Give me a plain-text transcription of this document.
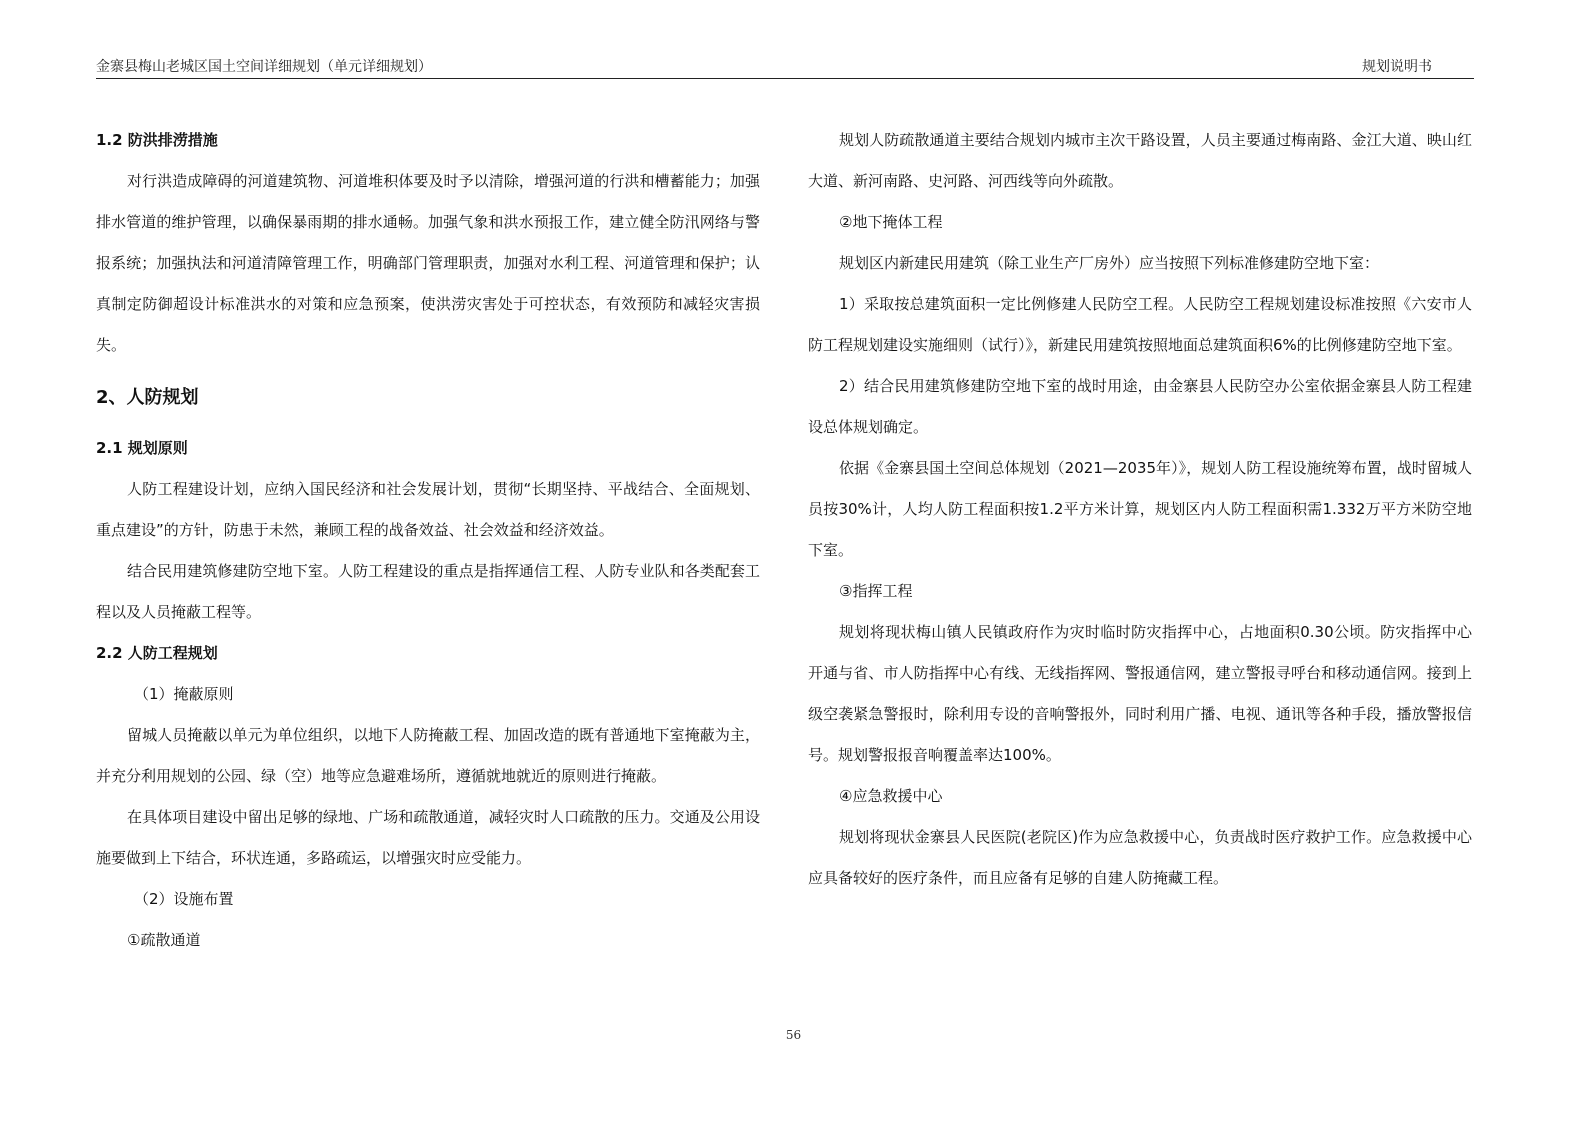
金寨县梅山老城区国土空间详细规划（单元详细规划）	规划说明书
1.2 防洪排涝措施

对行洪造成障碍的河道建筑物、河道堆积体要及时予以清除，增强河道的行洪和槽蓄能力；加强排水管道的维护管理，以确保暴雨期的排水通畅。加强气象和洪水预报工作，建立健全防汛网络与警报系统；加强执法和河道清障管理工作，明确部门管理职责，加强对水利工程、河道管理和保护；认真制定防御超设计标准洪水的对策和应急预案，使洪涝灾害处于可控状态，有效预防和减轻灾害损失。

2、人防规划
2.1 规划原则

人防工程建设计划，应纳入国民经济和社会发展计划，贯彻“长期坚持、平战结合、全面规划、重点建设”的方针，防患于未然，兼顾工程的战备效益、社会效益和经济效益。

结合民用建筑修建防空地下室。人防工程建设的重点是指挥通信工程、人防专业队和各类配套工程以及人员掩蔽工程等。

2.2 人防工程规划

（1）掩蔽原则

留城人员掩蔽以单元为单位组织，以地下人防掩蔽工程、加固改造的既有普通地下室掩蔽为主，并充分利用规划的公园、绿（空）地等应急避难场所，遵循就地就近的原则进行掩蔽。

在具体项目建设中留出足够的绿地、广场和疏散通道，减轻灾时人口疏散的压力。交通及公用设施要做到上下结合，环状连通，多路疏运，以增强灾时应受能力。

（2）设施布置

①疏散通道

规划人防疏散通道主要结合规划内城市主次干路设置，人员主要通过梅南路、金江大道、映山红大道、新河南路、史河路、河西线等向外疏散。

②地下掩体工程

规划区内新建民用建筑（除工业生产厂房外）应当按照下列标准修建防空地下室：

1）采取按总建筑面积一定比例修建人民防空工程。人民防空工程规划建设标准按照《六安市人防工程规划建设实施细则（试行）》，新建民用建筑按照地面总建筑面积6%的比例修建防空地下室。

2）结合民用建筑修建防空地下室的战时用途，由金寨县人民防空办公室依据金寨县人防工程建设总体规划确定。

依据《金寨县国土空间总体规划（2021—2035年）》，规划人防工程设施统筹布置，战时留城人员按30%计，人均人防工程面积按1.2平方米计算，规划区内人防工程面积需1.332万平方米防空地下室。

③指挥工程

规划将现状梅山镇人民镇政府作为灾时临时防灾指挥中心，占地面积0.30公顷。防灾指挥中心开通与省、市人防指挥中心有线、无线指挥网、警报通信网，建立警报寻呼台和移动通信网。接到上级空袭紧急警报时，除利用专设的音响警报外，同时利用广播、电视、通讯等各种手段，播放警报信号。规划警报报音响覆盖率达100%。

④应急救援中心

规划将现状金寨县人民医院(老院区)作为应急救援中心，负责战时医疗救护工作。应急救援中心应具备较好的医疗条件，而且应备有足够的自建人防掩藏工程。

56
